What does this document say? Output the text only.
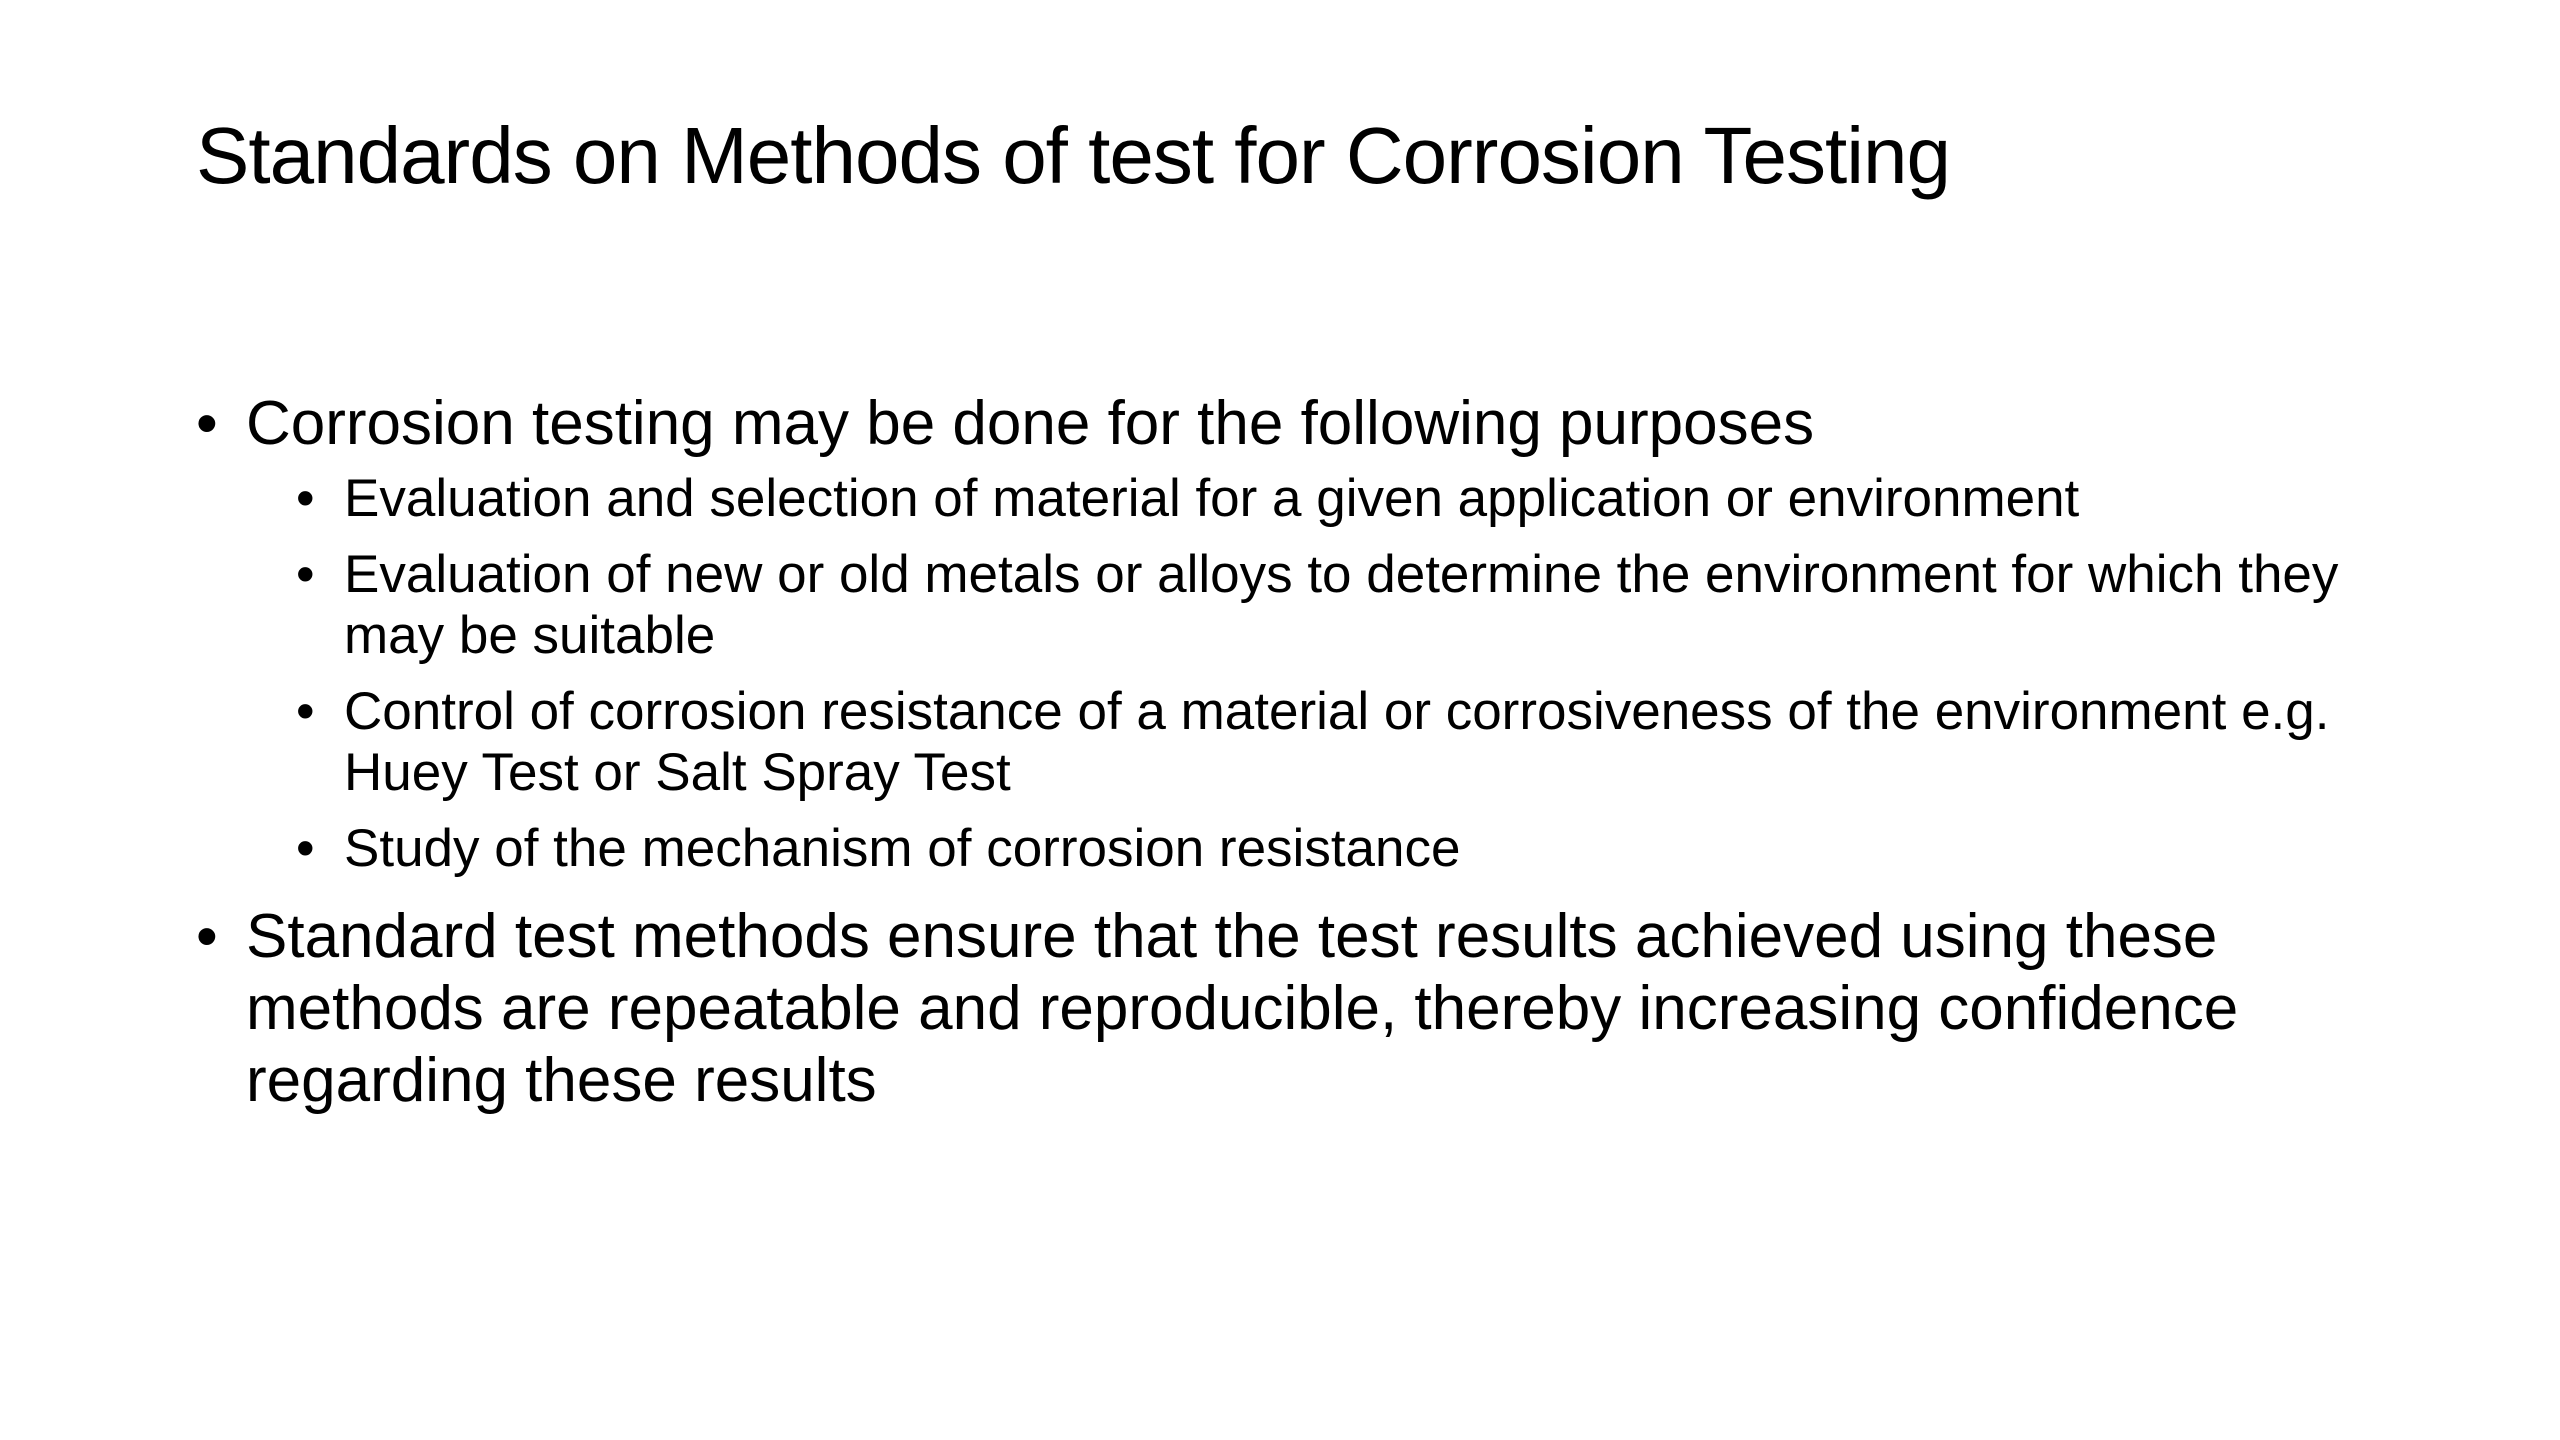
Standards on Methods of test for Corrosion Testing
• Corrosion testing may be done for the following purposes
• Evaluation and selection of material for a given application or environment
• Evaluation of new or old metals or alloys to determine the environment for which they may be suitable
• Control of corrosion resistance of a material or corrosiveness of the environment e.g. Huey Test or Salt Spray Test
• Study of the mechanism of corrosion resistance
• Standard test methods ensure that the test results achieved using these methods are repeatable and reproducible, thereby increasing confidence regarding these results
